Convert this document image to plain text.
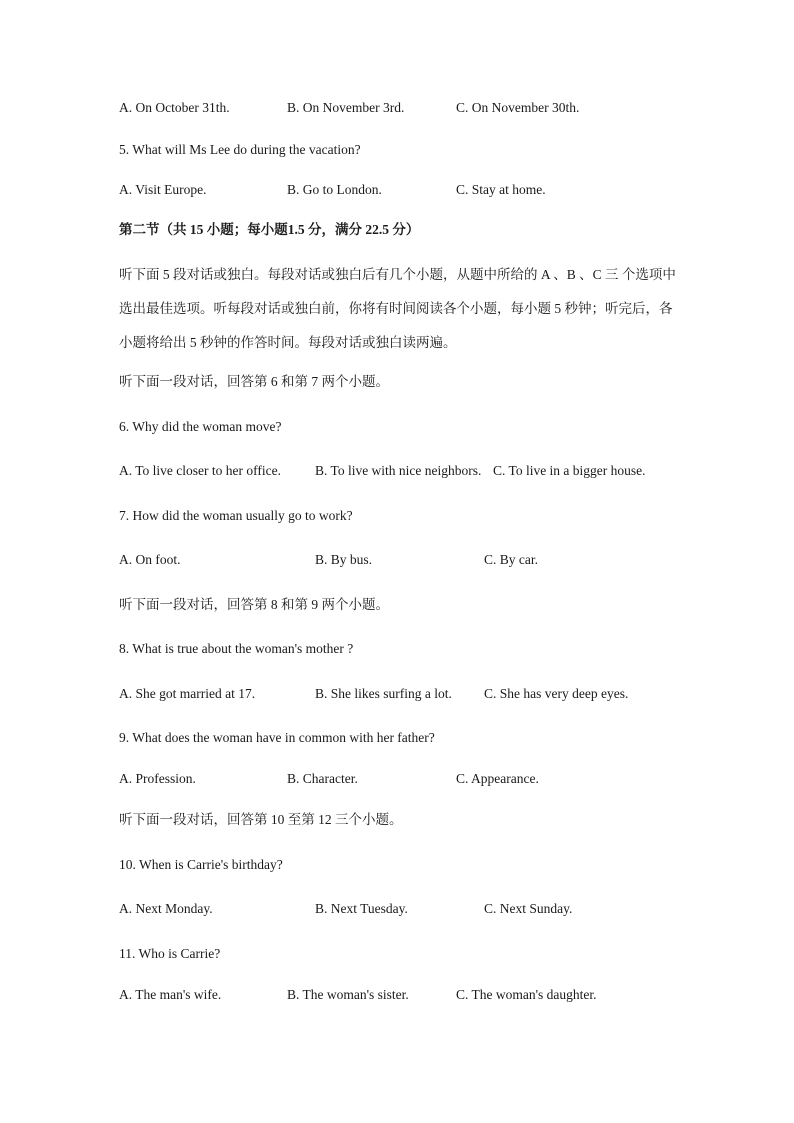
A. On October 31th.	B. On November 3rd.	C. On November 30th.
5. What will Ms Lee do during the vacation?
A. Visit Europe.	B. Go to London.	C. Stay at home.
第二节（共 15 小题；每小题1.5 分，满分 22.5 分）
听下面 5 段对话或独白。每段对话或独白后有几个小题，从题中所给的 A 、B 、C 三 个选项中选出最佳选项。听每段对话或独白前，你将有时间阅读各个小题，每小题 5 秒钟；听完后，各小题将给出 5 秒钟的作答时间。每段对话或独白读两遍。
听下面一段对话，回答第 6 和第 7 两个小题。
6. Why did the woman move?
A. To live closer to her office.	B. To live with nice neighbors. C. To live in a bigger house.
7. How did the woman usually go to work?
A. On foot.	B. By bus.	C. By car.
听下面一段对话，回答第 8 和第 9 两个小题。
8. What is true about the woman's mother ?
A. She got married at 17.	B. She likes surfing a lot. C. She has very deep eyes.
9. What does the woman have in common with her father?
A. Profession.	B. Character.	C. Appearance.
听下面一段对话，回答第 10 至第 12 三个小题。
10. When is Carrie's birthday?
A. Next Monday.	B. Next Tuesday.	C. Next Sunday.
11. Who is Carrie?
A. The man's wife.	B. The woman's sister.	C. The woman's daughter.
